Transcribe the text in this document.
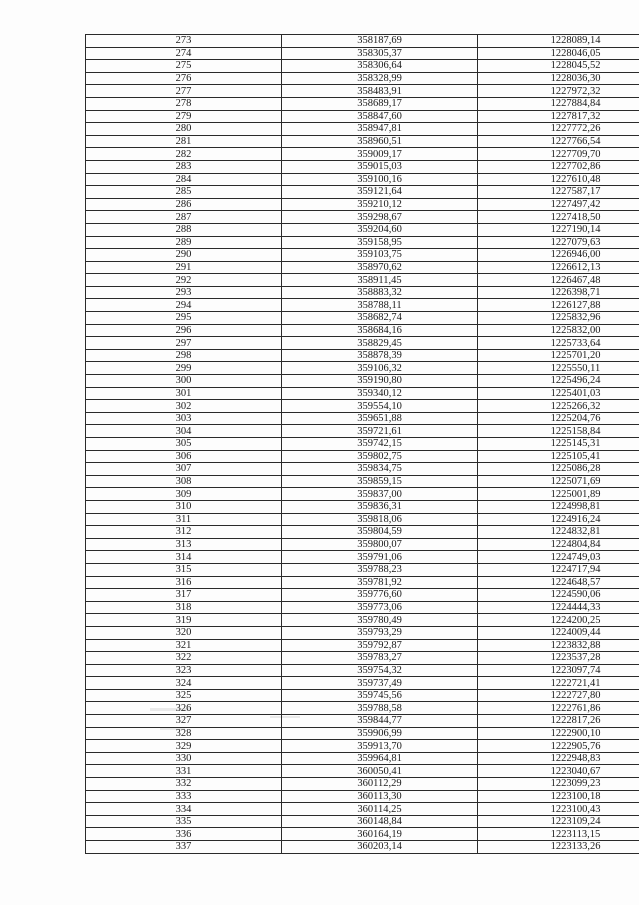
273	358187,69	1228089,14
274	358305,37	1228046,05
275	358306,64	1228045,52
276	358328,99	1228036,30
277	358483,91	1227972,32
278	358689,17	1227884,84
279	358847,60	1227817,32
280	358947,81	1227772,26
281	358960,51	1227766,54
282	359009,17	1227709,70
283	359015,03	1227702,86
284	359100,16	1227610,48
285	359121,64	1227587,17
286	359210,12	1227497,42
287	359298,67	1227418,50
288	359204,60	1227190,14
289	359158,95	1227079,63
290	359103,75	1226946,00
291	358970,62	1226612,13
292	358911,45	1226467,48
293	358883,32	1226398,71
294	358788,11	1226127,88
295	358682,74	1225832,96
296	358684,16	1225832,00
297	358829,45	1225733,64
298	358878,39	1225701,20
299	359106,32	1225550,11
300	359190,80	1225496,24
301	359340,12	1225401,03
302	359554,10	1225266,32
303	359651,88	1225204,76
304	359721,61	1225158,84
305	359742,15	1225145,31
306	359802,75	1225105,41
307	359834,75	1225086,28
308	359859,15	1225071,69
309	359837,00	1225001,89
310	359836,31	1224998,81
311	359818,06	1224916,24
312	359804,59	1224832,81
313	359800,07	1224804,84
314	359791,06	1224749,03
315	359788,23	1224717,94
316	359781,92	1224648,57
317	359776,60	1224590,06
318	359773,06	1224444,33
319	359780,49	1224200,25
320	359793,29	1224009,44
321	359792,87	1223832,88
322	359783,27	1223537,28
323	359754,32	1223097,74
324	359737,49	1222721,41
325	359745,56	1222727,80
326	359788,58	1222761,86
327	359844,77	1222817,26
328	359906,99	1222900,10
329	359913,70	1222905,76
330	359964,81	1222948,83
331	360050,41	1223040,67
332	360112,29	1223099,23
333	360113,30	1223100,18
334	360114,25	1223100,43
335	360148,84	1223109,24
336	360164,19	1223113,15
337	360203,14	1223133,26
